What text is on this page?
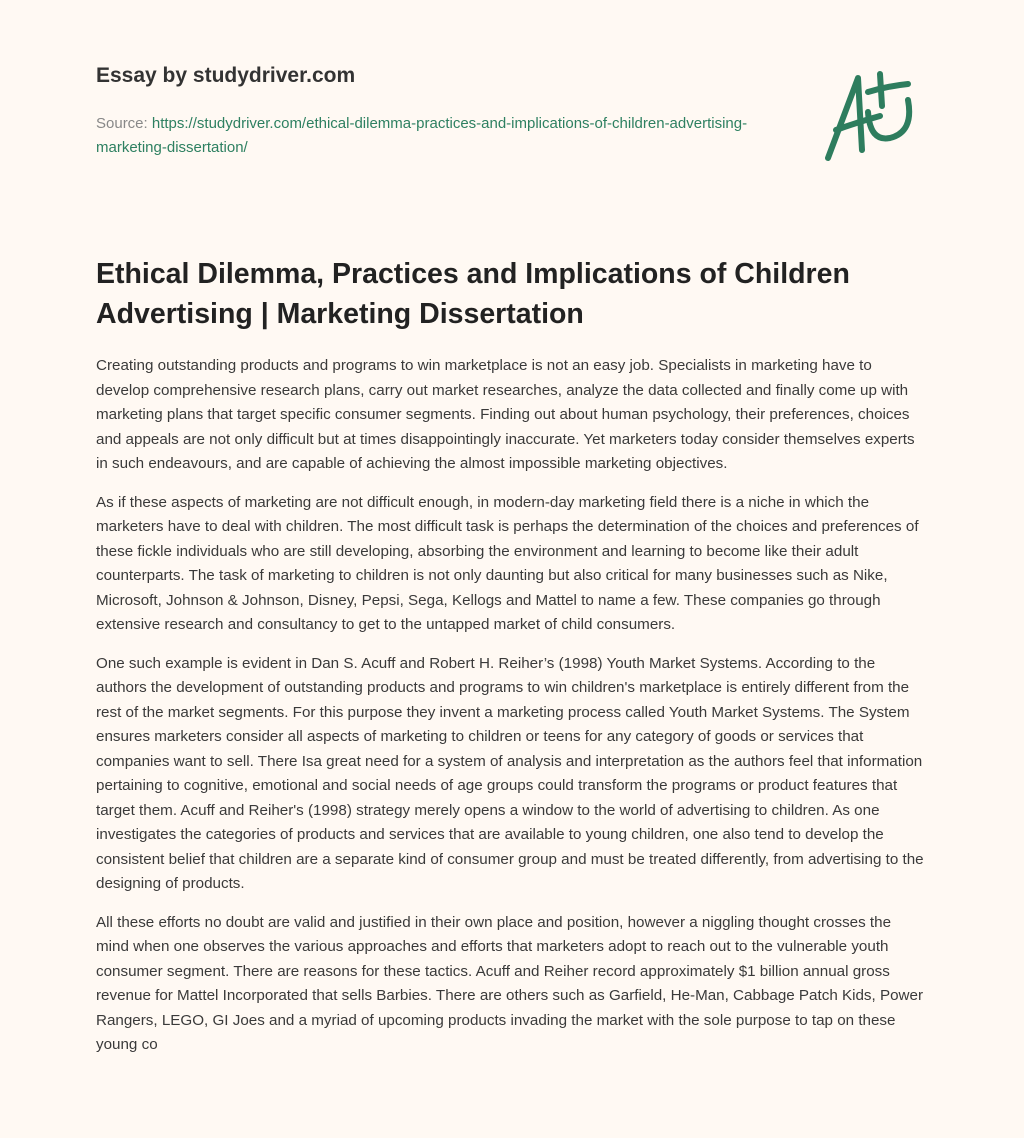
Essay by studydriver.com
Source: https://studydriver.com/ethical-dilemma-practices-and-implications-of-children-advertising-marketing-dissertation/
Ethical Dilemma, Practices and Implications of Children Advertising | Marketing Dissertation

Creating outstanding products and programs to win marketplace is not an easy job. Specialists in marketing have to develop comprehensive research plans, carry out market researches, analyze the data collected and finally come up with marketing plans that target specific consumer segments. Finding out about human psychology, their preferences, choices and appeals are not only difficult but at times disappointingly inaccurate. Yet marketers today consider themselves experts in such endeavours, and are capable of achieving the almost impossible marketing objectives.

As if these aspects of marketing are not difficult enough, in modern-day marketing field there is a niche in which the marketers have to deal with children. The most difficult task is perhaps the determination of the choices and preferences of these fickle individuals who are still developing, absorbing the environment and learning to become like their adult counterparts. The task of marketing to children is not only daunting but also critical for many businesses such as Nike, Microsoft, Johnson & Johnson, Disney, Pepsi, Sega, Kellogs and Mattel to name a few. These companies go through extensive research and consultancy to get to the untapped market of child consumers.

One such example is evident in Dan S. Acuff and Robert H. Reiher’s (1998) Youth Market Systems. According to the authors the development of outstanding products and programs to win children's marketplace is entirely different from the rest of the market segments. For this purpose they invent a marketing process called Youth Market Systems. The System ensures marketers consider all aspects of marketing to children or teens for any category of goods or services that companies want to sell. There Isa great need for a system of analysis and interpretation as the authors feel that information pertaining to cognitive, emotional and social needs of age groups could transform the programs or product features that target them. Acuff and Reiher's (1998) strategy merely opens a window to the world of advertising to children. As one investigates the categories of products and services that are available to young children, one also tend to develop the consistent belief that children are a separate kind of consumer group and must be treated differently, from advertising to the designing of products.

All these efforts no doubt are valid and justified in their own place and position, however a niggling thought crosses the mind when one observes the various approaches and efforts that marketers adopt to reach out to the vulnerable youth consumer segment. There are reasons for these tactics. Acuff and Reiher record approximately $1 billion annual gross revenue for Mattel Incorporated that sells Barbies. There are others such as Garfield, He-Man, Cabbage Patch Kids, Power Rangers, LEGO, GI Joes and a myriad of upcoming products invading the market with the sole purpose to tap on these young co
